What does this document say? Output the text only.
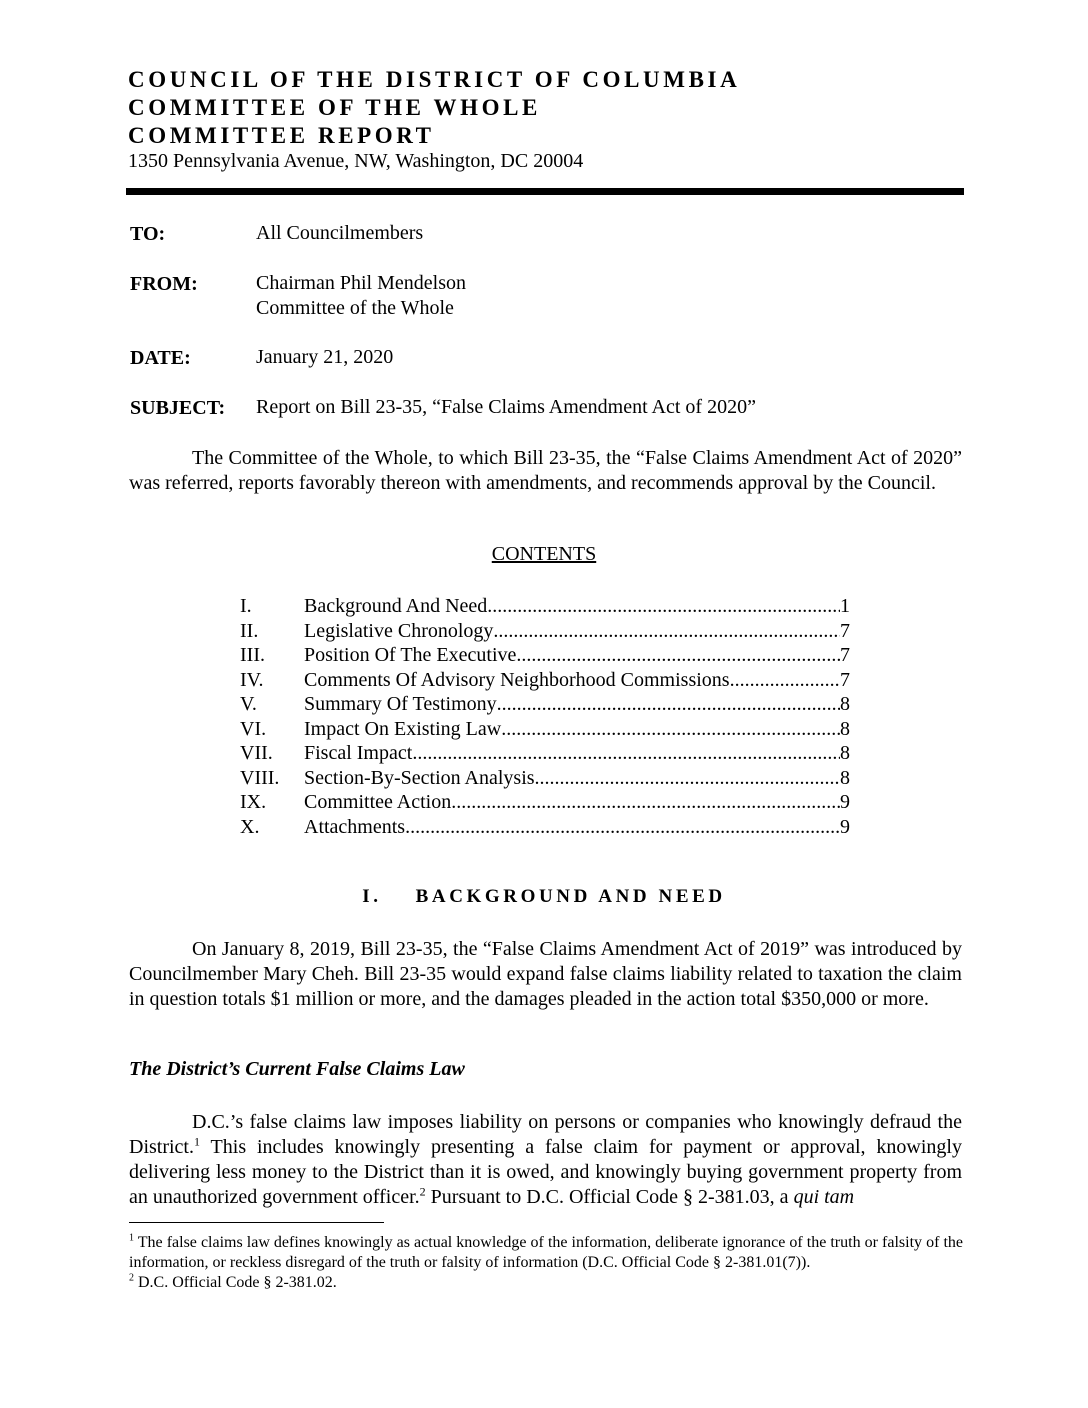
COUNCIL OF THE DISTRICT OF COLUMBIA
COMMITTEE OF THE WHOLE
COMMITTEE REPORT
1350 Pennsylvania Avenue, NW, Washington, DC 20004
TO:	All Councilmembers
FROM:	Chairman Phil Mendelson
Committee of the Whole
DATE:	January 21, 2020
SUBJECT: Report on Bill 23-35, “False Claims Amendment Act of 2020”
The Committee of the Whole, to which Bill 23-35, the “False Claims Amendment Act of 2020” was referred, reports favorably thereon with amendments, and recommends approval by the Council.
CONTENTS
I.	Background And Need .....	1
II.	Legislative Chronology .....	7
III.	Position Of The Executive .....	7
IV.	Comments Of Advisory Neighborhood Commissions .....	7
V.	Summary Of Testimony .....	8
VI.	Impact On Existing Law .....	8
VII.	Fiscal Impact .....	8
VIII.	Section-By-Section Analysis .....	8
IX.	Committee Action .....	9
X.	Attachments .....	9
I. BACKGROUND AND NEED
On January 8, 2019, Bill 23-35, the “False Claims Amendment Act of 2019” was introduced by Councilmember Mary Cheh. Bill 23-35 would expand false claims liability related to taxation the claim in question totals $1 million or more, and the damages pleaded in the action total $350,000 or more.
The District’s Current False Claims Law
D.C.’s false claims law imposes liability on persons or companies who knowingly defraud the District.$^1$ This includes knowingly presenting a false claim for payment or approval, knowingly delivering less money to the District than it is owed, and knowingly buying government property from an unauthorized government officer.$^2$ Pursuant to D.C. Official Code § 2-381.03, a qui tam

$^1$ The false claims law defines knowingly as actual knowledge of the information, deliberate ignorance of the truth or falsity of the information, or reckless disregard of the truth or falsity of information (D.C. Official Code § 2-381.01(7)).

$^2$ D.C. Official Code § 2-381.02.
